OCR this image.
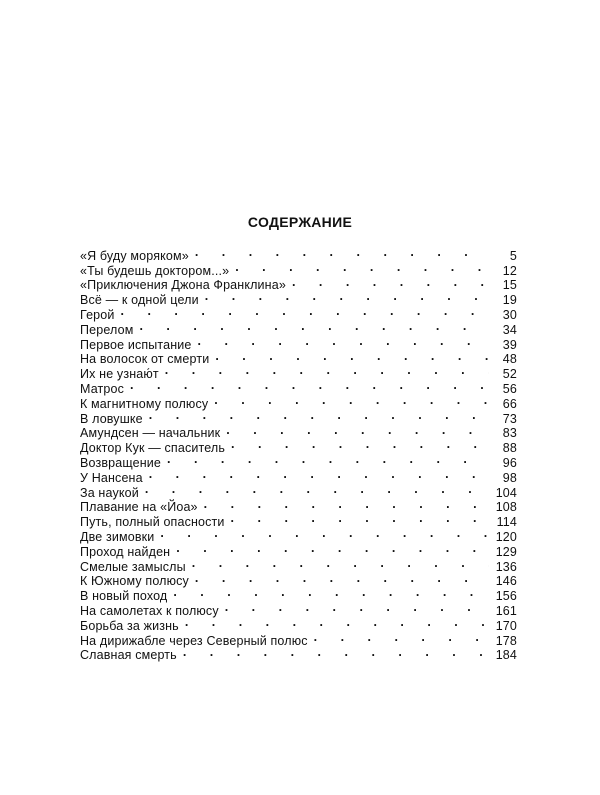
СОДЕРЖАНИЕ
«Я буду моряком» . . .	5
«Ты будешь доктором...» . . .	12
«Приключения Джона Франклина» . . .	15
Всё — к одной цели . . .	19
Герой . . .	30
Перелом . . .	34
Первое испытание . . .	39
На волосок от смерти . . .	48
Их не узнаю́т . . .	52
Матрос . . .	56
К магнитному полюсу . . .	66
В ловушке . . .	73
Амундсен — начальник . . .	83
Доктор Кук — спаситель . . .	88
Возвращение . . .	96
У Нансена . . .	98
За наукой . . .	104
Плавание на «Йоа» . . .	108
Путь, полный опасности . . .	114
Две зимовки . . .	120
Проход найден . . .	129
Смелые замыслы . . .	136
К Южному полюсу . . .	146
В новый поход . . .	156
На самолетах к полюсу . . .	161
Борьба за жизнь . . .	170
На дирижабле через Северный полюс . . .	178
Славная смерть . . .	184
